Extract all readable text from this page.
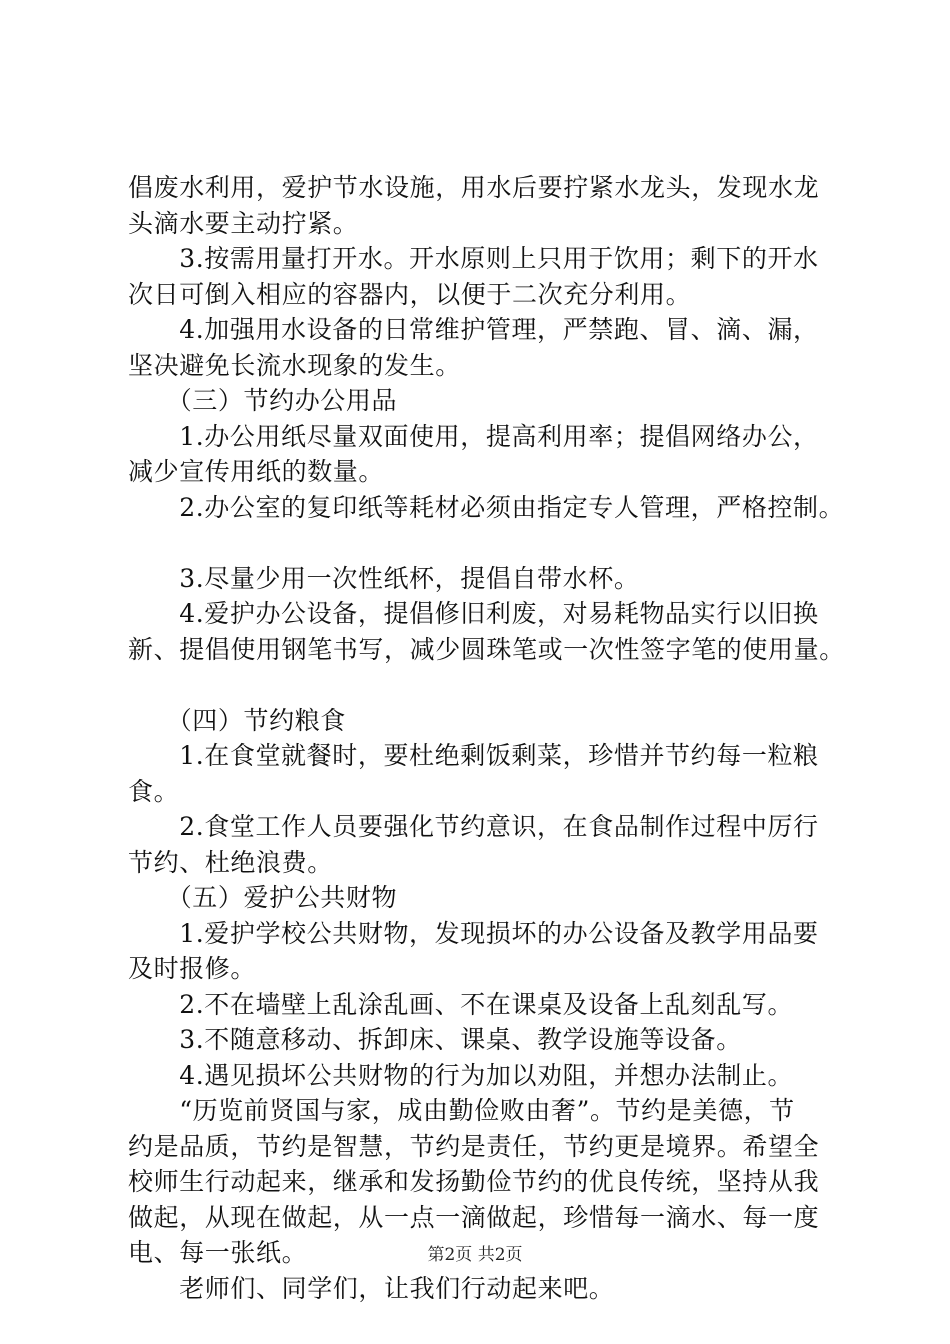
倡废水利用，爱护节水设施，用水后要拧紧水龙头，发现水龙
头滴水要主动拧紧。
　　3.按需用量打开水。开水原则上只用于饮用；剩下的开水
次日可倒入相应的容器内，以便于二次充分利用。
　　4.加强用水设备的日常维护管理，严禁跑、冒、滴、漏，
坚决避免长流水现象的发生。
　　（三）节约办公用品
　　1.办公用纸尽量双面使用，提高利用率；提倡网络办公，
减少宣传用纸的数量。
　　2.办公室的复印纸等耗材必须由指定专人管理，严格控制。
　　3.尽量少用一次性纸杯，提倡自带水杯。
　　4.爱护办公设备，提倡修旧利废，对易耗物品实行以旧换
新、提倡使用钢笔书写，减少圆珠笔或一次性签字笔的使用量。
　　（四）节约粮食
　　1.在食堂就餐时，要杜绝剩饭剩菜，珍惜并节约每一粒粮
食。
　　2.食堂工作人员要强化节约意识，在食品制作过程中厉行
节约、杜绝浪费。
　　（五）爱护公共财物
　　1.爱护学校公共财物，发现损坏的办公设备及教学用品要
及时报修。
　　2.不在墙壁上乱涂乱画、不在课桌及设备上乱刻乱写。
　　3.不随意移动、拆卸床、课桌、教学设施等设备。
　　4.遇见损坏公共财物的行为加以劝阻，并想办法制止。
　　“历览前贤国与家，成由勤俭败由奢”。节约是美德，节
约是品质，节约是智慧，节约是责任，节约更是境界。希望全
校师生行动起来，继承和发扬勤俭节约的优良传统，坚持从我
做起，从现在做起，从一点一滴做起，珍惜每一滴水、每一度
电、每一张纸。
　　老师们、同学们，让我们行动起来吧。
第2页 共2页
